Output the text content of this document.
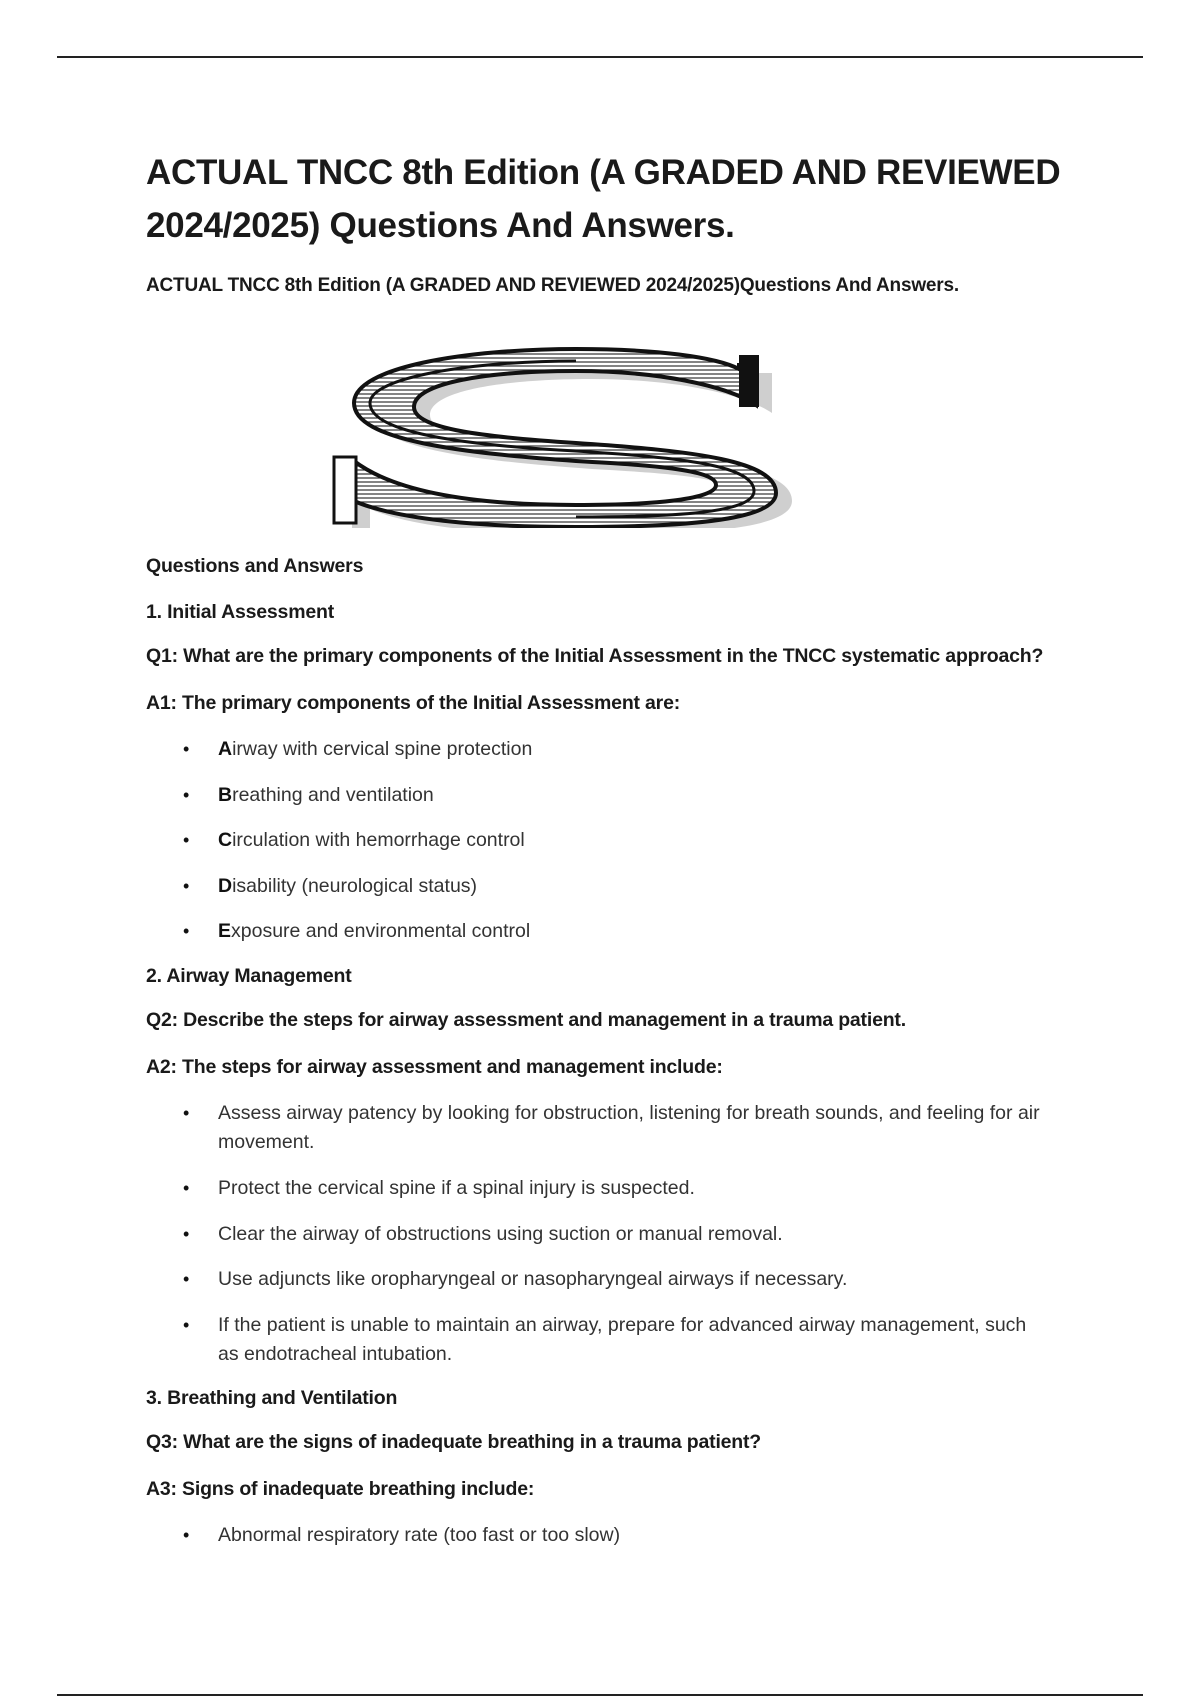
ACTUAL TNCC 8th Edition (A GRADED AND REVIEWED
2024/2025) Questions And Answers.
ACTUAL TNCC 8th Edition (A GRADED AND REVIEWED 2024/2025)Questions And Answers.
Questions and Answers
1. Initial Assessment
Q1: What are the primary components of the Initial Assessment in the TNCC systematic approach?
A1: The primary components of the Initial Assessment are:
• Airway with cervical spine protection
• Breathing and ventilation
• Circulation with hemorrhage control
• Disability (neurological status)
• Exposure and environmental control
2. Airway Management
Q2: Describe the steps for airway assessment and management in a trauma patient.
A2: The steps for airway assessment and management include:
• Assess airway patency by looking for obstruction, listening for breath sounds, and feeling for air movement.
• Protect the cervical spine if a spinal injury is suspected.
• Clear the airway of obstructions using suction or manual removal.
• Use adjuncts like oropharyngeal or nasopharyngeal airways if necessary.
• If the patient is unable to maintain an airway, prepare for advanced airway management, such as endotracheal intubation.
3. Breathing and Ventilation
Q3: What are the signs of inadequate breathing in a trauma patient?
A3: Signs of inadequate breathing include:
• Abnormal respiratory rate (too fast or too slow)
